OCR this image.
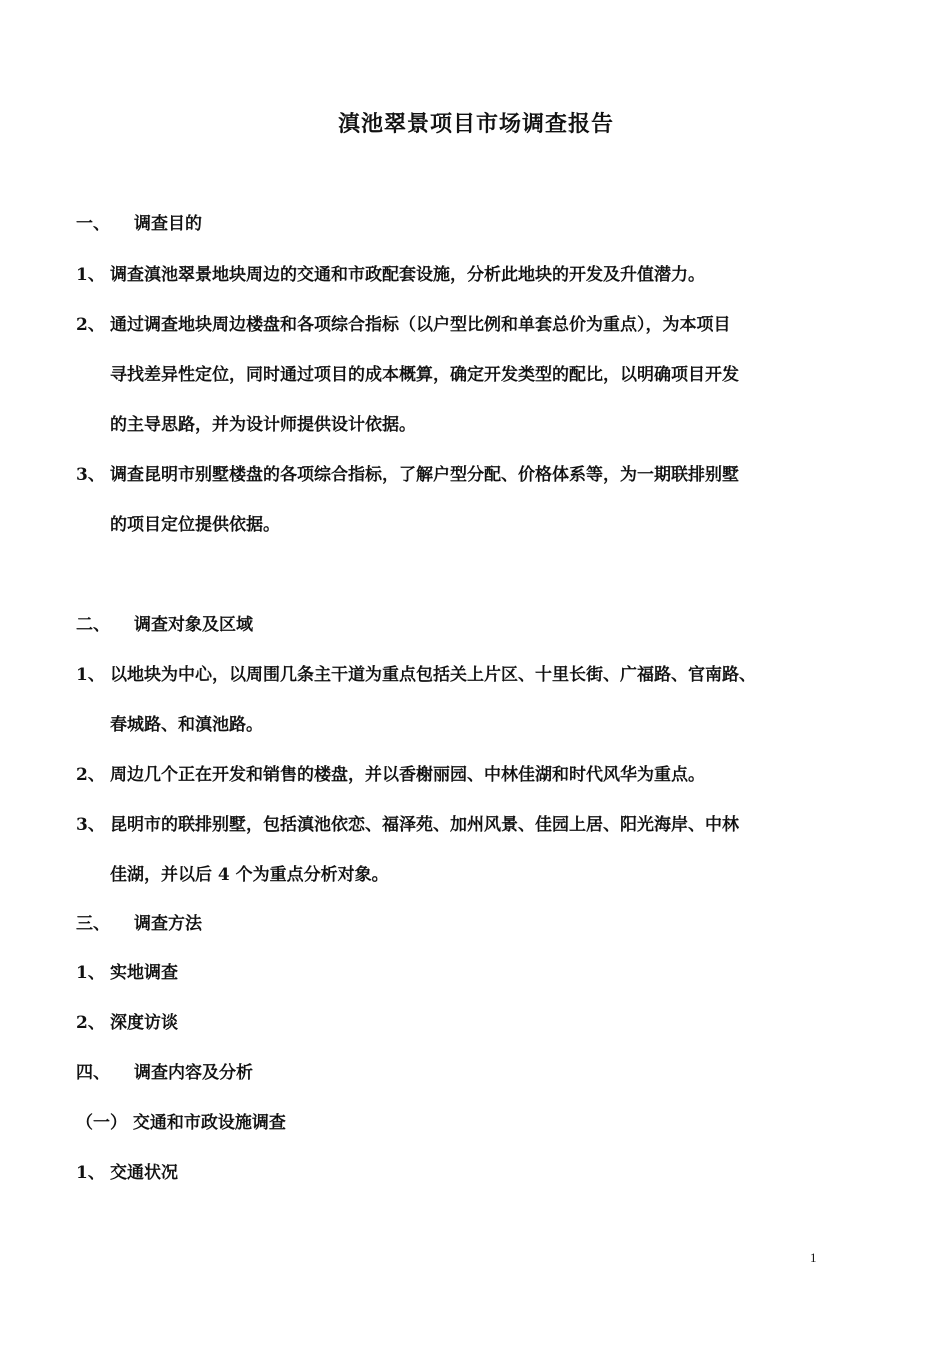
滇池翠景项目市场调查报告
一、 调查目的
1、 调查滇池翠景地块周边的交通和市政配套设施，分析此地块的开发及升值潜力。
2、 通过调查地块周边楼盘和各项综合指标（以户型比例和单套总价为重点），为本项目
寻找差异性定位，同时通过项目的成本概算，确定开发类型的配比，以明确项目开发
的主导思路，并为设计师提供设计依据。
3、 调查昆明市别墅楼盘的各项综合指标，了解户型分配、价格体系等，为一期联排别墅
的项目定位提供依据。
二、 调查对象及区域
1、 以地块为中心，以周围几条主干道为重点包括关上片区、十里长街、广福路、官南路、
春城路、和滇池路。
2、 周边几个正在开发和销售的楼盘，并以香榭丽园、中林佳湖和时代风华为重点。
3、 昆明市的联排别墅，包括滇池依恋、福泽苑、加州风景、佳园上居、阳光海岸、中林
佳湖，并以后 4 个为重点分析对象。
三、 调查方法
1、 实地调查
2、 深度访谈
四、 调查内容及分析
（一） 交通和市政设施调查
1、 交通状况
1
